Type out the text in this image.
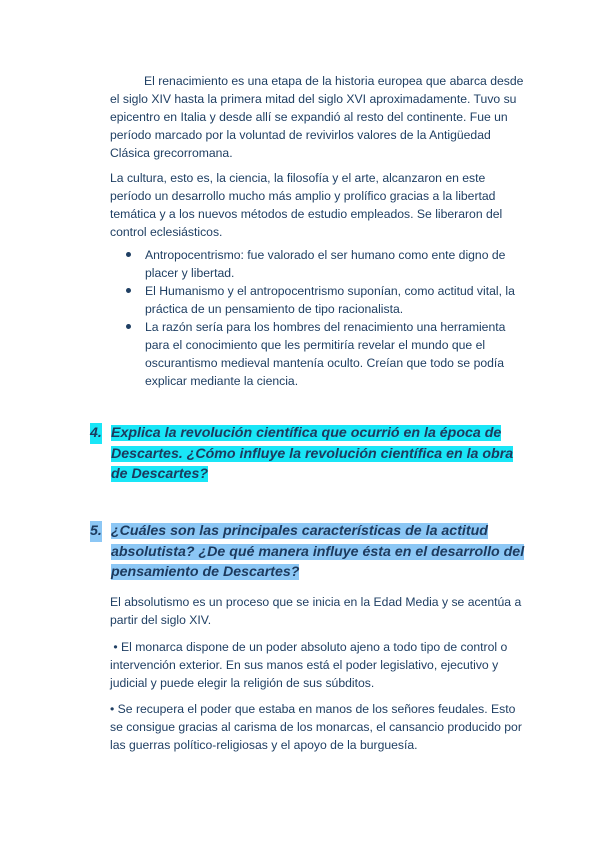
El renacimiento es una etapa de la historia europea que abarca desde el siglo XIV hasta la primera mitad del siglo XVI aproximadamente. Tuvo su epicentro en Italia y desde allí se expandió al resto del continente. Fue un período marcado por la voluntad de revivirlos valores de la Antigüedad Clásica grecorromana.

La cultura, esto es, la ciencia, la filosofía y el arte, alcanzaron en este período un desarrollo mucho más amplio y prolífico gracias a la libertad temática y a los nuevos métodos de estudio empleados. Se liberaron del control eclesiásticos.

Antropocentrismo: fue valorado el ser humano como ente digno de placer y libertad.
El Humanismo y el antropocentrismo suponían, como actitud vital, la práctica de un pensamiento de tipo racionalista.
La razón sería para los hombres del renacimiento una herramienta para el conocimiento que les permitiría revelar el mundo que el oscurantismo medieval mantenía oculto. Creían que todo se podía explicar mediante la ciencia.
4. Explica la revolución científica que ocurrió en la época de Descartes. ¿Cómo influye la revolución científica en la obra de Descartes?
5. ¿Cuáles son las principales características de la actitud absolutista? ¿De qué manera influye ésta en el desarrollo del pensamiento de Descartes?

El absolutismo es un proceso que se inicia en la Edad Media y se acentúa a partir del siglo XIV.

• El monarca dispone de un poder absoluto ajeno a todo tipo de control o intervención exterior. En sus manos está el poder legislativo, ejecutivo y judicial y puede elegir la religión de sus súbditos.

• Se recupera el poder que estaba en manos de los señores feudales. Esto se consigue gracias al carisma de los monarcas, el cansancio producido por las guerras político-religiosas y el apoyo de la burguesía.
